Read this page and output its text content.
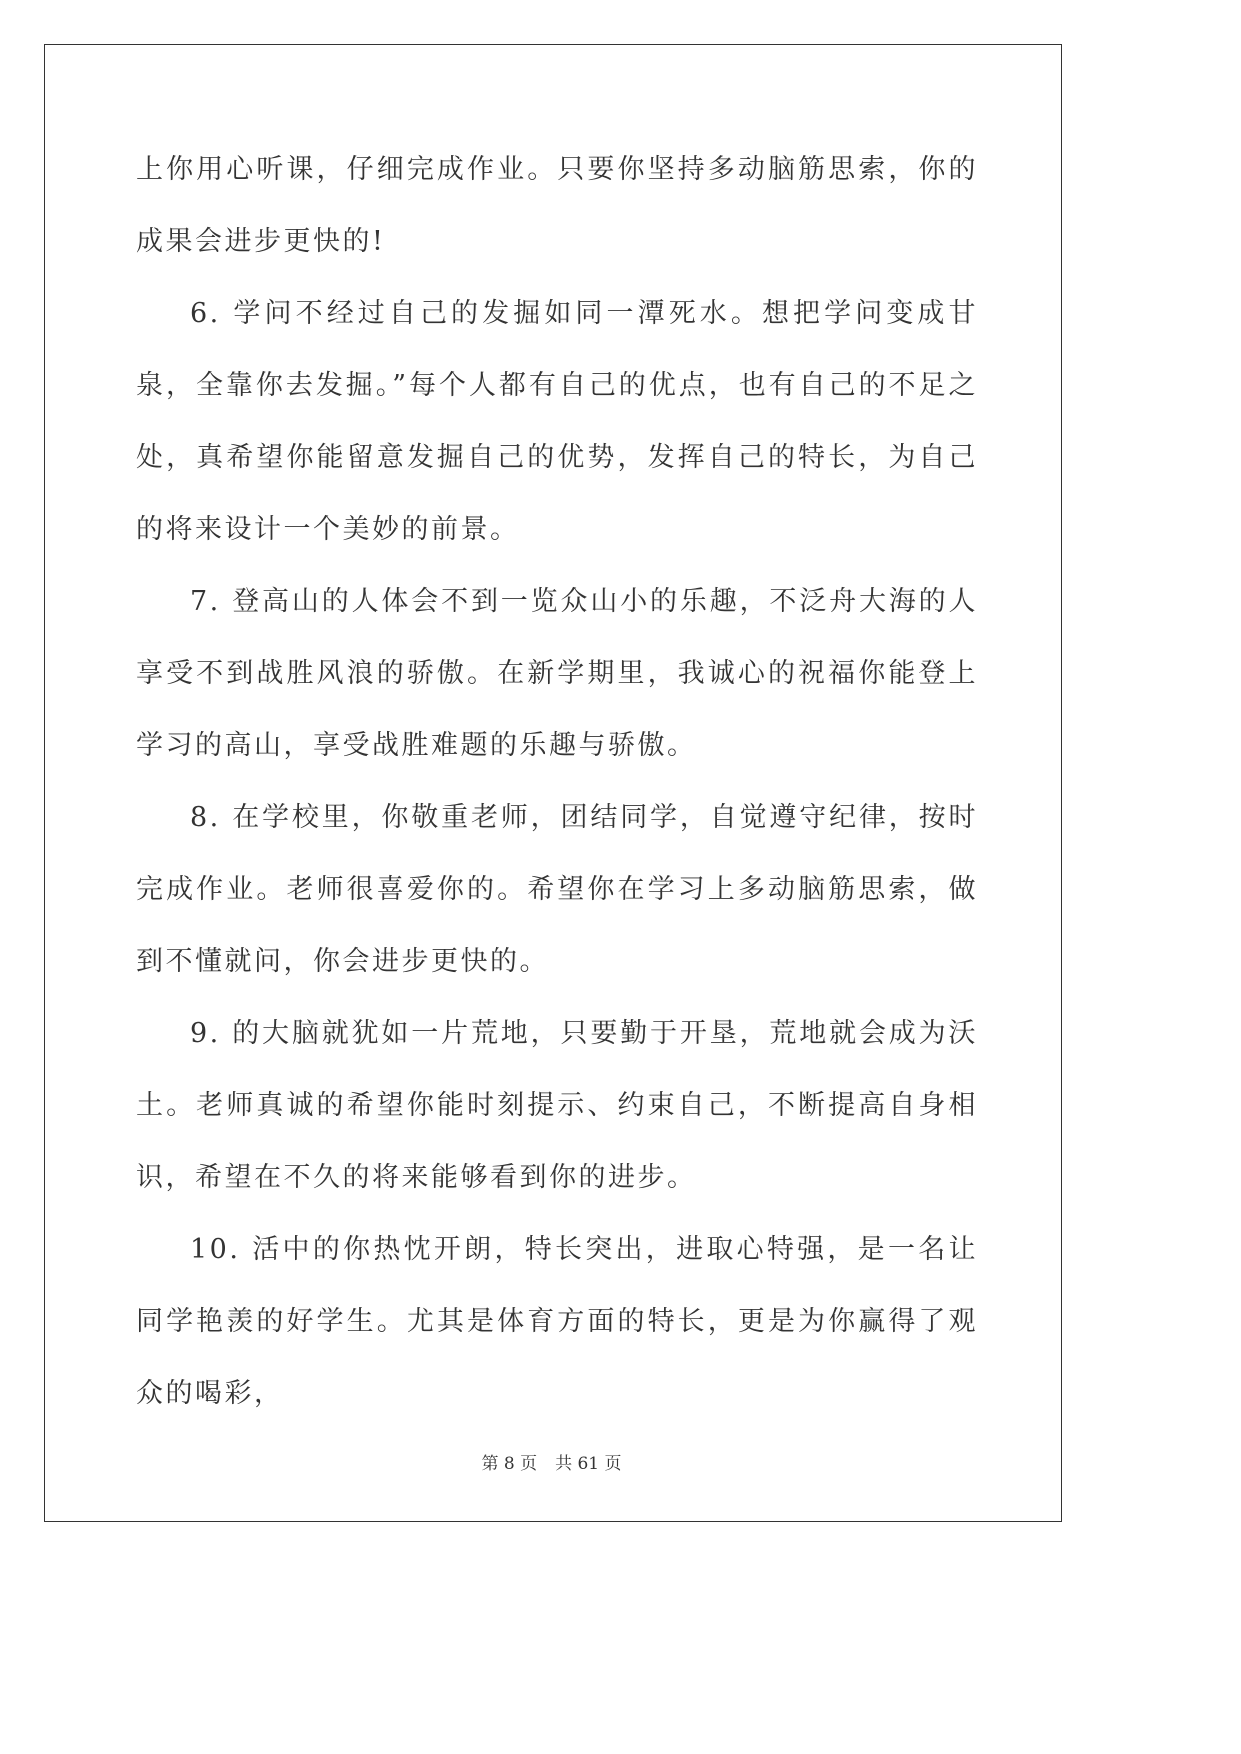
上你用心听课，仔细完成作业。只要你坚持多动脑筋思索，你的成果会进步更快的!

6. 学问不经过自己的发掘如同一潭死水。想把学问变成甘泉，全靠你去发掘。”每个人都有自己的优点，也有自己的不足之处，真希望你能留意发掘自己的优势，发挥自己的特长，为自己的将来设计一个美妙的前景。

7. 登高山的人体会不到一览众山小的乐趣，不泛舟大海的人享受不到战胜风浪的骄傲。在新学期里，我诚心的祝福你能登上学习的高山，享受战胜难题的乐趣与骄傲。

8. 在学校里，你敬重老师，团结同学，自觉遵守纪律，按时完成作业。老师很喜爱你的。希望你在学习上多动脑筋思索，做到不懂就问，你会进步更快的。

9. 的大脑就犹如一片荒地，只要勤于开垦，荒地就会成为沃土。老师真诚的希望你能时刻提示、约束自己，不断提高自身相识，希望在不久的将来能够看到你的进步。

10. 活中的你热忱开朗，特长突出，进取心特强，是一名让同学艳羡的好学生。尤其是体育方面的特长，更是为你赢得了观众的喝彩，

第 8 页 共 61 页
